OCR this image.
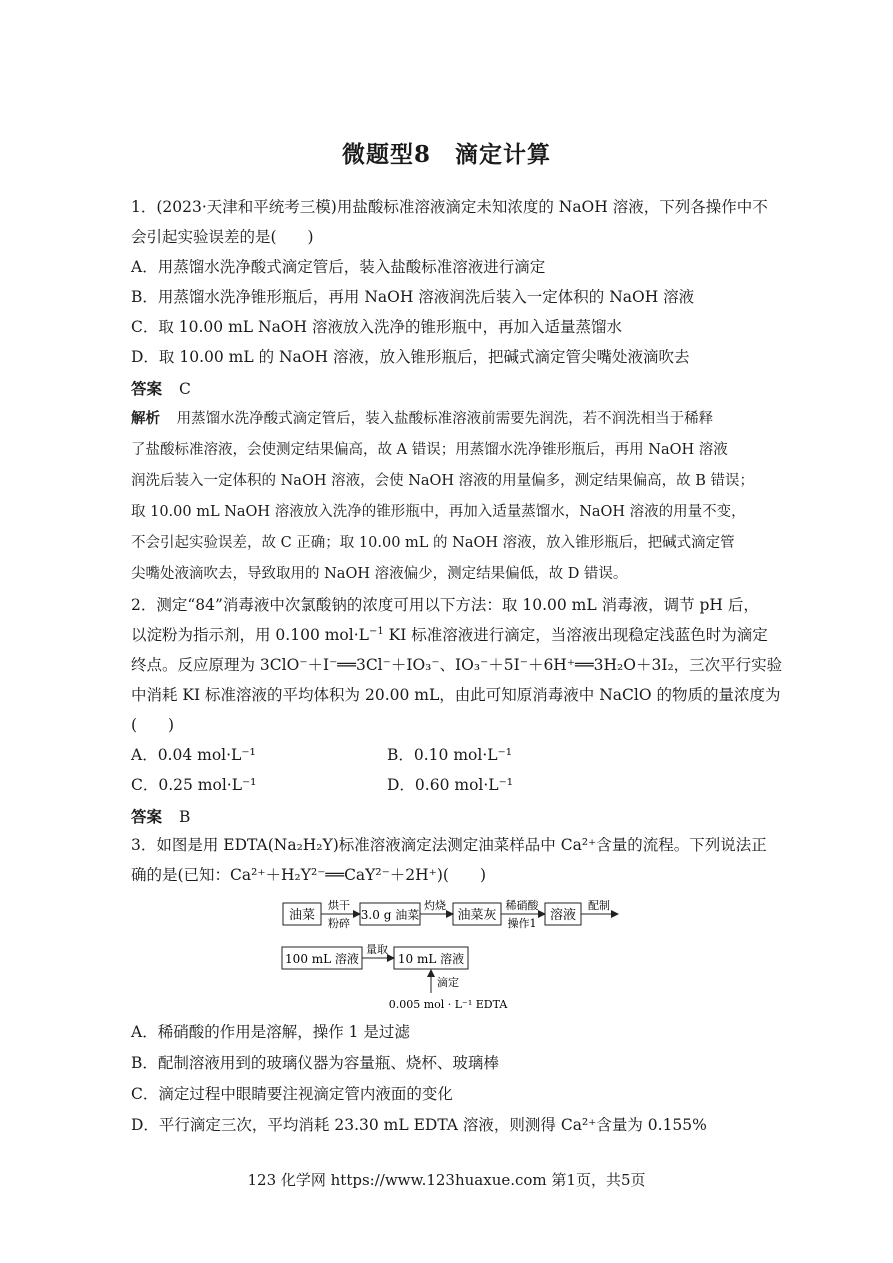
微题型8　滴定计算
1．(2023·天津和平统考三模)用盐酸标准溶液滴定未知浓度的 NaOH 溶液，下列各操作中不
会引起实验误差的是(　　)
A．用蒸馏水洗净酸式滴定管后，装入盐酸标准溶液进行滴定
B．用蒸馏水洗净锥形瓶后，再用 NaOH 溶液润洗后装入一定体积的 NaOH 溶液
C．取 10.00 mL NaOH 溶液放入洗净的锥形瓶中，再加入适量蒸馏水
D．取 10.00 mL 的 NaOH 溶液，放入锥形瓶后，把碱式滴定管尖嘴处液滴吹去
答案 C
解析 用蒸馏水洗净酸式滴定管后，装入盐酸标准溶液前需要先润洗，若不润洗相当于稀释
了盐酸标准溶液，会使测定结果偏高，故 A 错误；用蒸馏水洗净锥形瓶后，再用 NaOH 溶液
润洗后装入一定体积的 NaOH 溶液，会使 NaOH 溶液的用量偏多，测定结果偏高，故 B 错误；
取 10.00 mL NaOH 溶液放入洗净的锥形瓶中，再加入适量蒸馏水，NaOH 溶液的用量不变，
不会引起实验误差，故 C 正确；取 10.00 mL 的 NaOH 溶液，放入锥形瓶后，把碱式滴定管
尖嘴处液滴吹去，导致取用的 NaOH 溶液偏少，测定结果偏低，故 D 错误。
2．测定“84”消毒液中次氯酸钠的浓度可用以下方法：取 10.00 mL 消毒液，调节 pH 后，
以淀粉为指示剂，用 0.100 $mol\cdot L^{-1}$ KI 标准溶液进行滴定，当溶液出现稳定浅蓝色时为滴定
终点。反应原理为 3ClO⁻＋I⁻══3Cl⁻＋IO₃⁻、IO₃⁻＋5I⁻＋6H⁺══3H₂O＋3I₂，三次平行实验
中消耗 KI 标准溶液的平均体积为 20.00 mL，由此可知原消毒液中 NaClO 的物质的量浓度为
(　　)
A．0.04 mol·L⁻¹	B．0.10 mol·L⁻¹
C．0.25 mol·L⁻¹	D．0.60 mol·L⁻¹
答案 B
3．如图是用 EDTA(Na₂H₂Y)标准溶液滴定法测定油菜样品中 Ca²⁺含量的流程。下列说法正
确的是(已知：Ca²⁺＋H₂Y²⁻══CaY²⁻＋2H⁺)(　　)
油菜
烘干
粉碎
3.0 g 油菜
灼烧
油菜灰
稀硝酸
操作1
溶液
配制
100 mL 溶液
量取
10 mL 溶液
滴定
0.005 mol · L⁻¹ EDTA
A．稀硝酸的作用是溶解，操作 1 是过滤
B．配制溶液用到的玻璃仪器为容量瓶、烧杯、玻璃棒
C．滴定过程中眼睛要注视滴定管内液面的变化
D．平行滴定三次，平均消耗 23.30 mL EDTA 溶液，则测得 Ca²⁺含量为 0.155%
123 化学网 https://www.123huaxue.com 第1页，共5页
